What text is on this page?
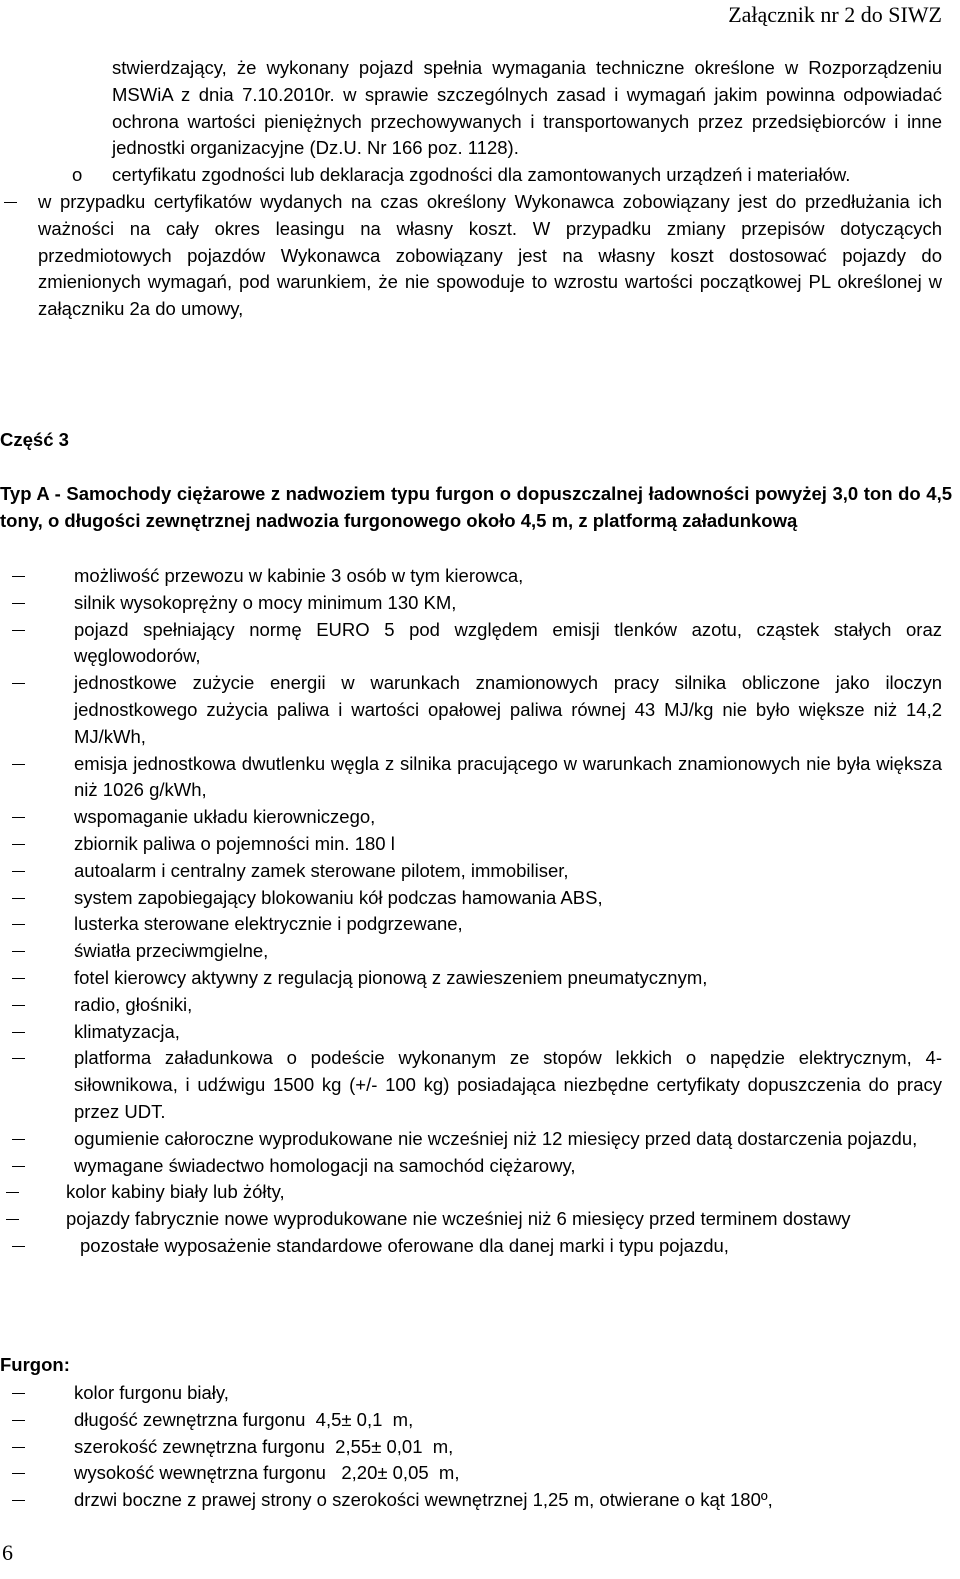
Załącznik nr 2 do SIWZ
stwierdzający, że wykonany pojazd spełnia wymagania techniczne określone w Rozporządzeniu MSWiA z dnia 7.10.2010r. w sprawie szczególnych zasad i wymagań jakim powinna odpowiadać ochrona wartości pieniężnych przechowywanych i transportowanych przez przedsiębiorców i inne jednostki organizacyjne (Dz.U. Nr 166 poz. 1128).
o certyfikatu zgodności lub deklaracja zgodności dla zamontowanych urządzeń i materiałów.
w przypadku certyfikatów wydanych na czas określony Wykonawca zobowiązany jest do przedłużania ich ważności na cały okres leasingu na własny koszt. W przypadku zmiany przepisów dotyczących przedmiotowych pojazdów Wykonawca zobowiązany jest na własny koszt dostosować pojazdy do zmienionych wymagań, pod warunkiem, że nie spowoduje to wzrostu wartości początkowej PL określonej w załączniku 2a do umowy,
Część 3
Typ A - Samochody ciężarowe z nadwoziem typu furgon o dopuszczalnej ładowności powyżej 3,0 ton do 4,5 tony, o długości zewnętrznej nadwozia furgonowego około 4,5 m, z platformą załadunkową
możliwość przewozu w kabinie 3 osób w tym kierowca,
silnik wysokoprężny o mocy minimum 130 KM,
pojazd spełniający normę EURO 5 pod względem emisji tlenków azotu, cząstek stałych oraz węglowodorów,
jednostkowe zużycie energii w warunkach znamionowych pracy silnika obliczone jako iloczyn jednostkowego zużycia paliwa i wartości opałowej paliwa równej 43 MJ/kg nie było większe niż 14,2 MJ/kWh,
emisja jednostkowa dwutlenku węgla z silnika pracującego w warunkach znamionowych nie była większa niż 1026 g/kWh,
wspomaganie układu kierowniczego,
zbiornik paliwa o pojemności min. 180 l
autoalarm i centralny zamek sterowane pilotem, immobiliser,
system zapobiegający blokowaniu kół podczas hamowania ABS,
lusterka sterowane elektrycznie i podgrzewane,
światła przeciwmgielne,
fotel kierowcy aktywny z regulacją pionową z zawieszeniem pneumatycznym,
radio, głośniki,
klimatyzacja,
platforma załadunkowa o podeście wykonanym ze stopów lekkich o napędzie elektrycznym, 4-siłownikowa, i udźwigu 1500 kg (+/- 100 kg) posiadająca niezbędne certyfikaty dopuszczenia do pracy przez UDT.
ogumienie całoroczne wyprodukowane nie wcześniej niż 12 miesięcy przed datą dostarczenia pojazdu,
wymagane świadectwo homologacji na samochód ciężarowy,
kolor kabiny biały lub żółty,
pojazdy fabrycznie nowe wyprodukowane nie wcześniej niż 6 miesięcy przed terminem dostawy
pozostałe wyposażenie standardowe oferowane dla danej marki i typu pojazdu,
Furgon:
kolor furgonu biały,
długość zewnętrzna furgonu  4,5± 0,1  m,
szerokość zewnętrzna furgonu  2,55± 0,01  m,
wysokość wewnętrzna furgonu   2,20± 0,05  m,
drzwi boczne z prawej strony o szerokości wewnętrznej 1,25 m, otwierane o kąt 180º,
6
